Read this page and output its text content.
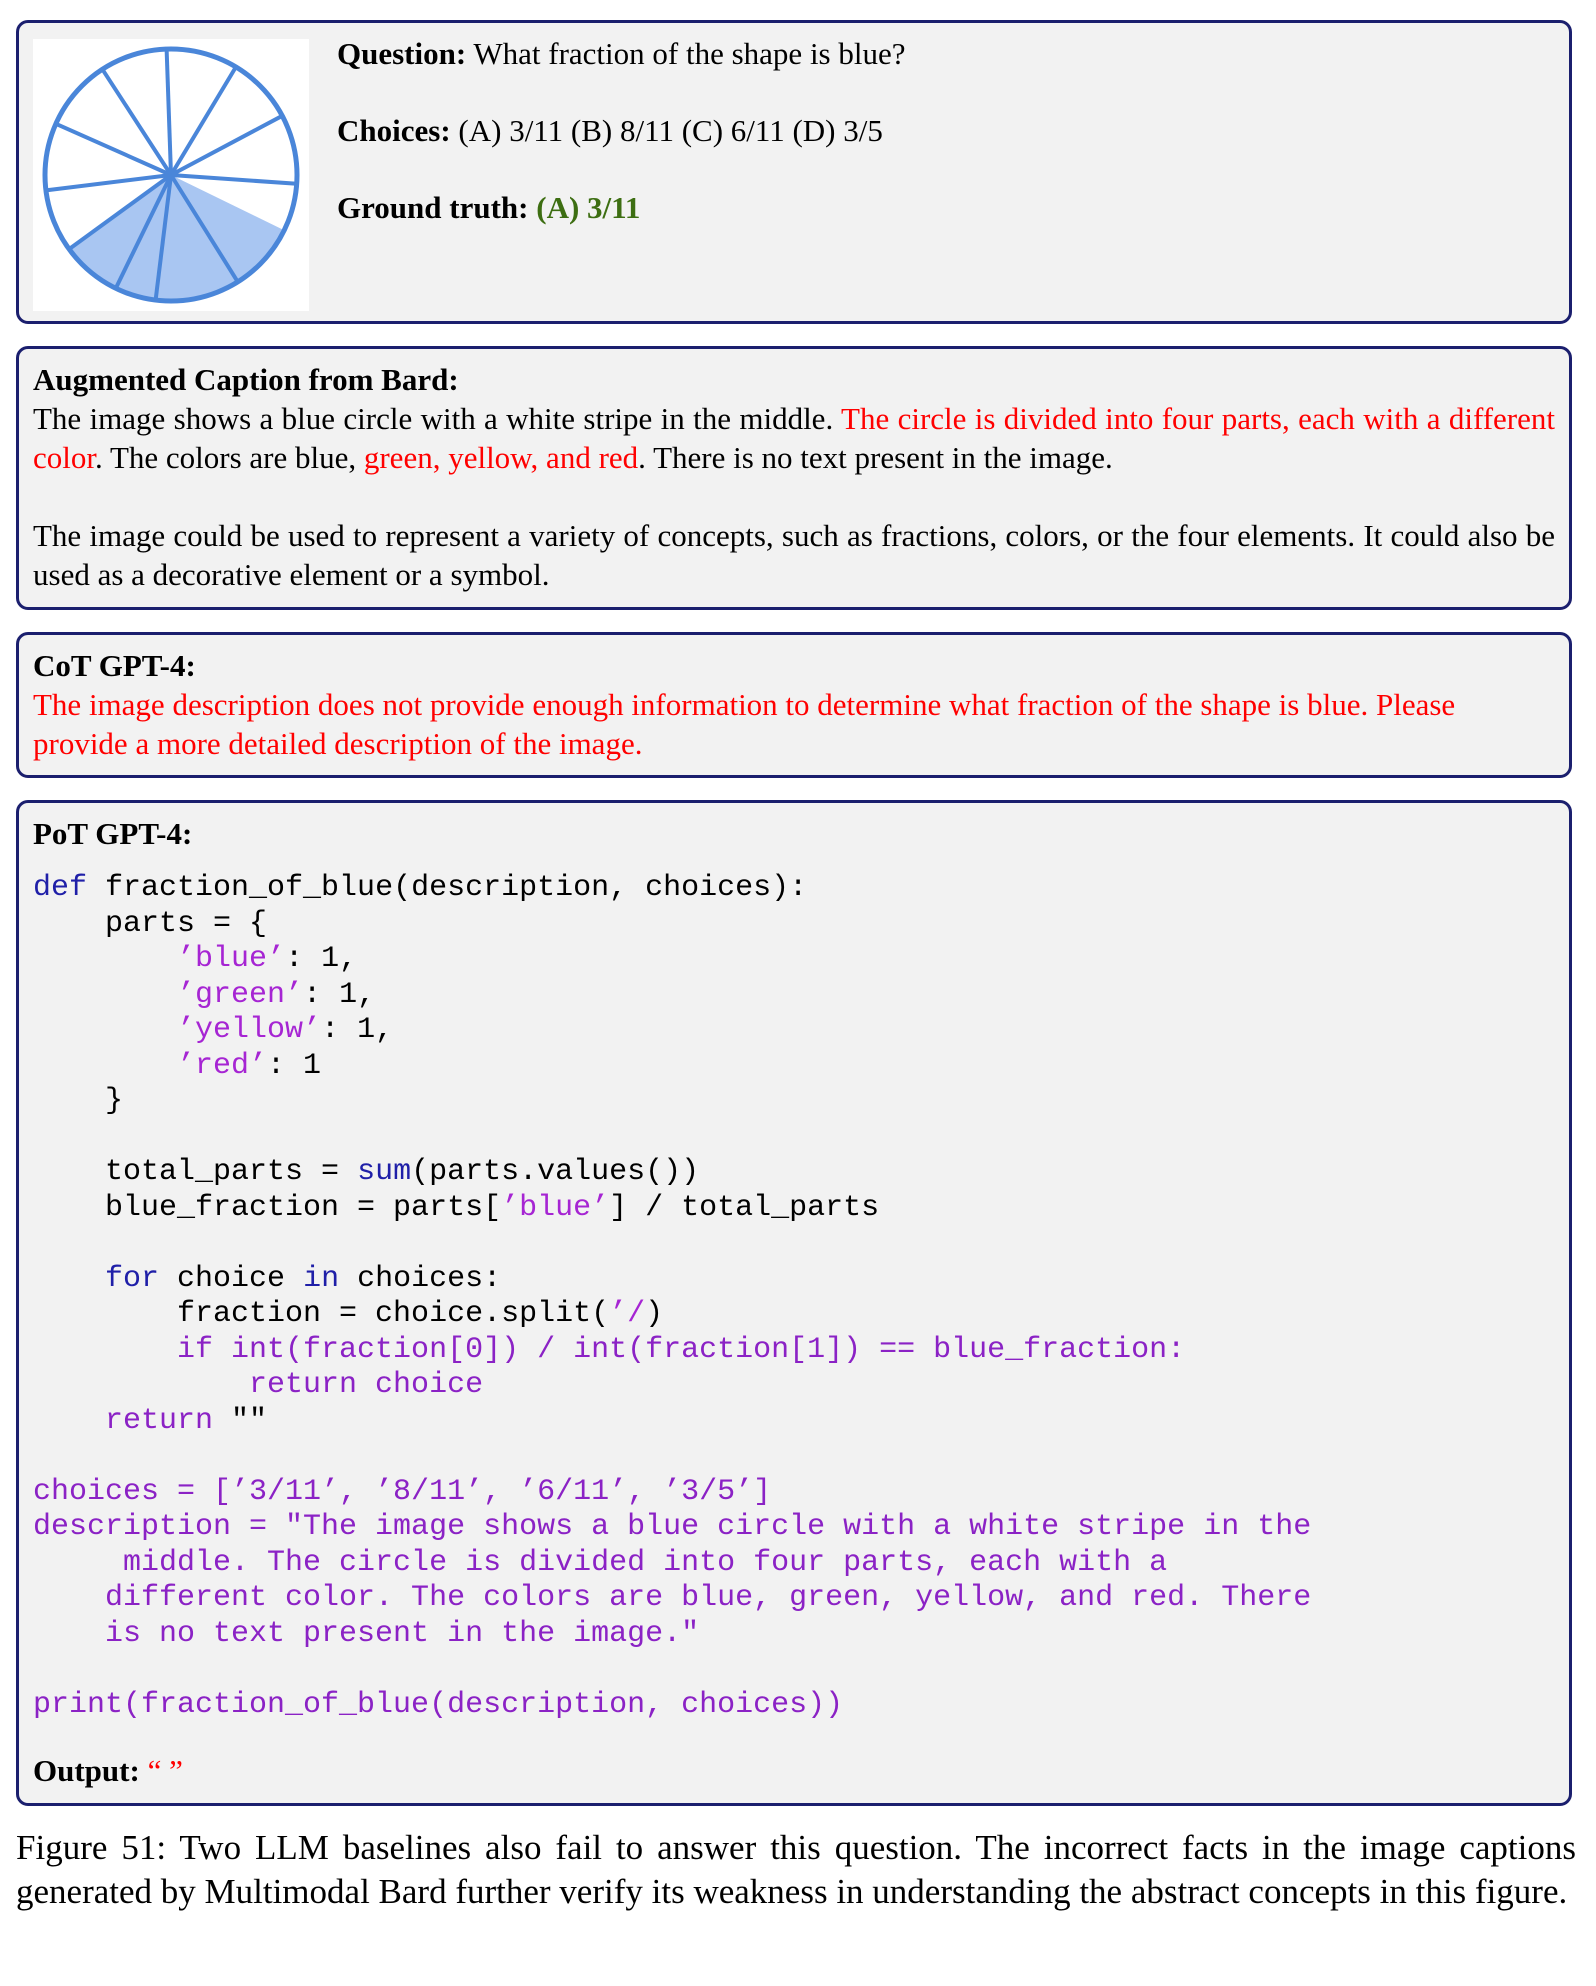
Question: What fraction of the shape is blue?
Choices: (A) 3/11 (B) 8/11 (C) 6/11 (D) 3/5
Ground truth: (A) 3/11
Augmented Caption from Bard:
The image shows a blue circle with a white stripe in the middle. The circle is divided into four parts, each with a different color. The colors are blue, green, yellow, and red. There is no text present in the image.
The image could be used to represent a variety of concepts, such as fractions, colors, or the four elements. It could also be used as a decorative element or a symbol.
CoT GPT-4:
The image description does not provide enough information to determine what fraction of the shape is blue. Please provide a more detailed description of the image.
PoT GPT-4:
def fraction_of_blue(description, choices):
parts = {
’blue’: 1,
’green’: 1,
’yellow’: 1,
’red’: 1
}

total_parts = sum(parts.values())
blue_fraction = parts[’blue’] / total_parts

for choice in choices:
fraction = choice.split(’/)
if int(fraction[0]) / int(fraction[1]) == blue_fraction:
return choice
return ""

choices = [’3/11’, ’8/11’, ’6/11’, ’3/5’]
description = "The image shows a blue circle with a white stripe in the
middle. The circle is divided into four parts, each with a
different color. The colors are blue, green, yellow, and red. There
is no text present in the image."

print(fraction_of_blue(description, choices))
Output: “ ”
Figure 51: Two LLM baselines also fail to answer this question. The incorrect facts in the image captions generated by Multimodal Bard further verify its weakness in understanding the abstract concepts in this figure.
